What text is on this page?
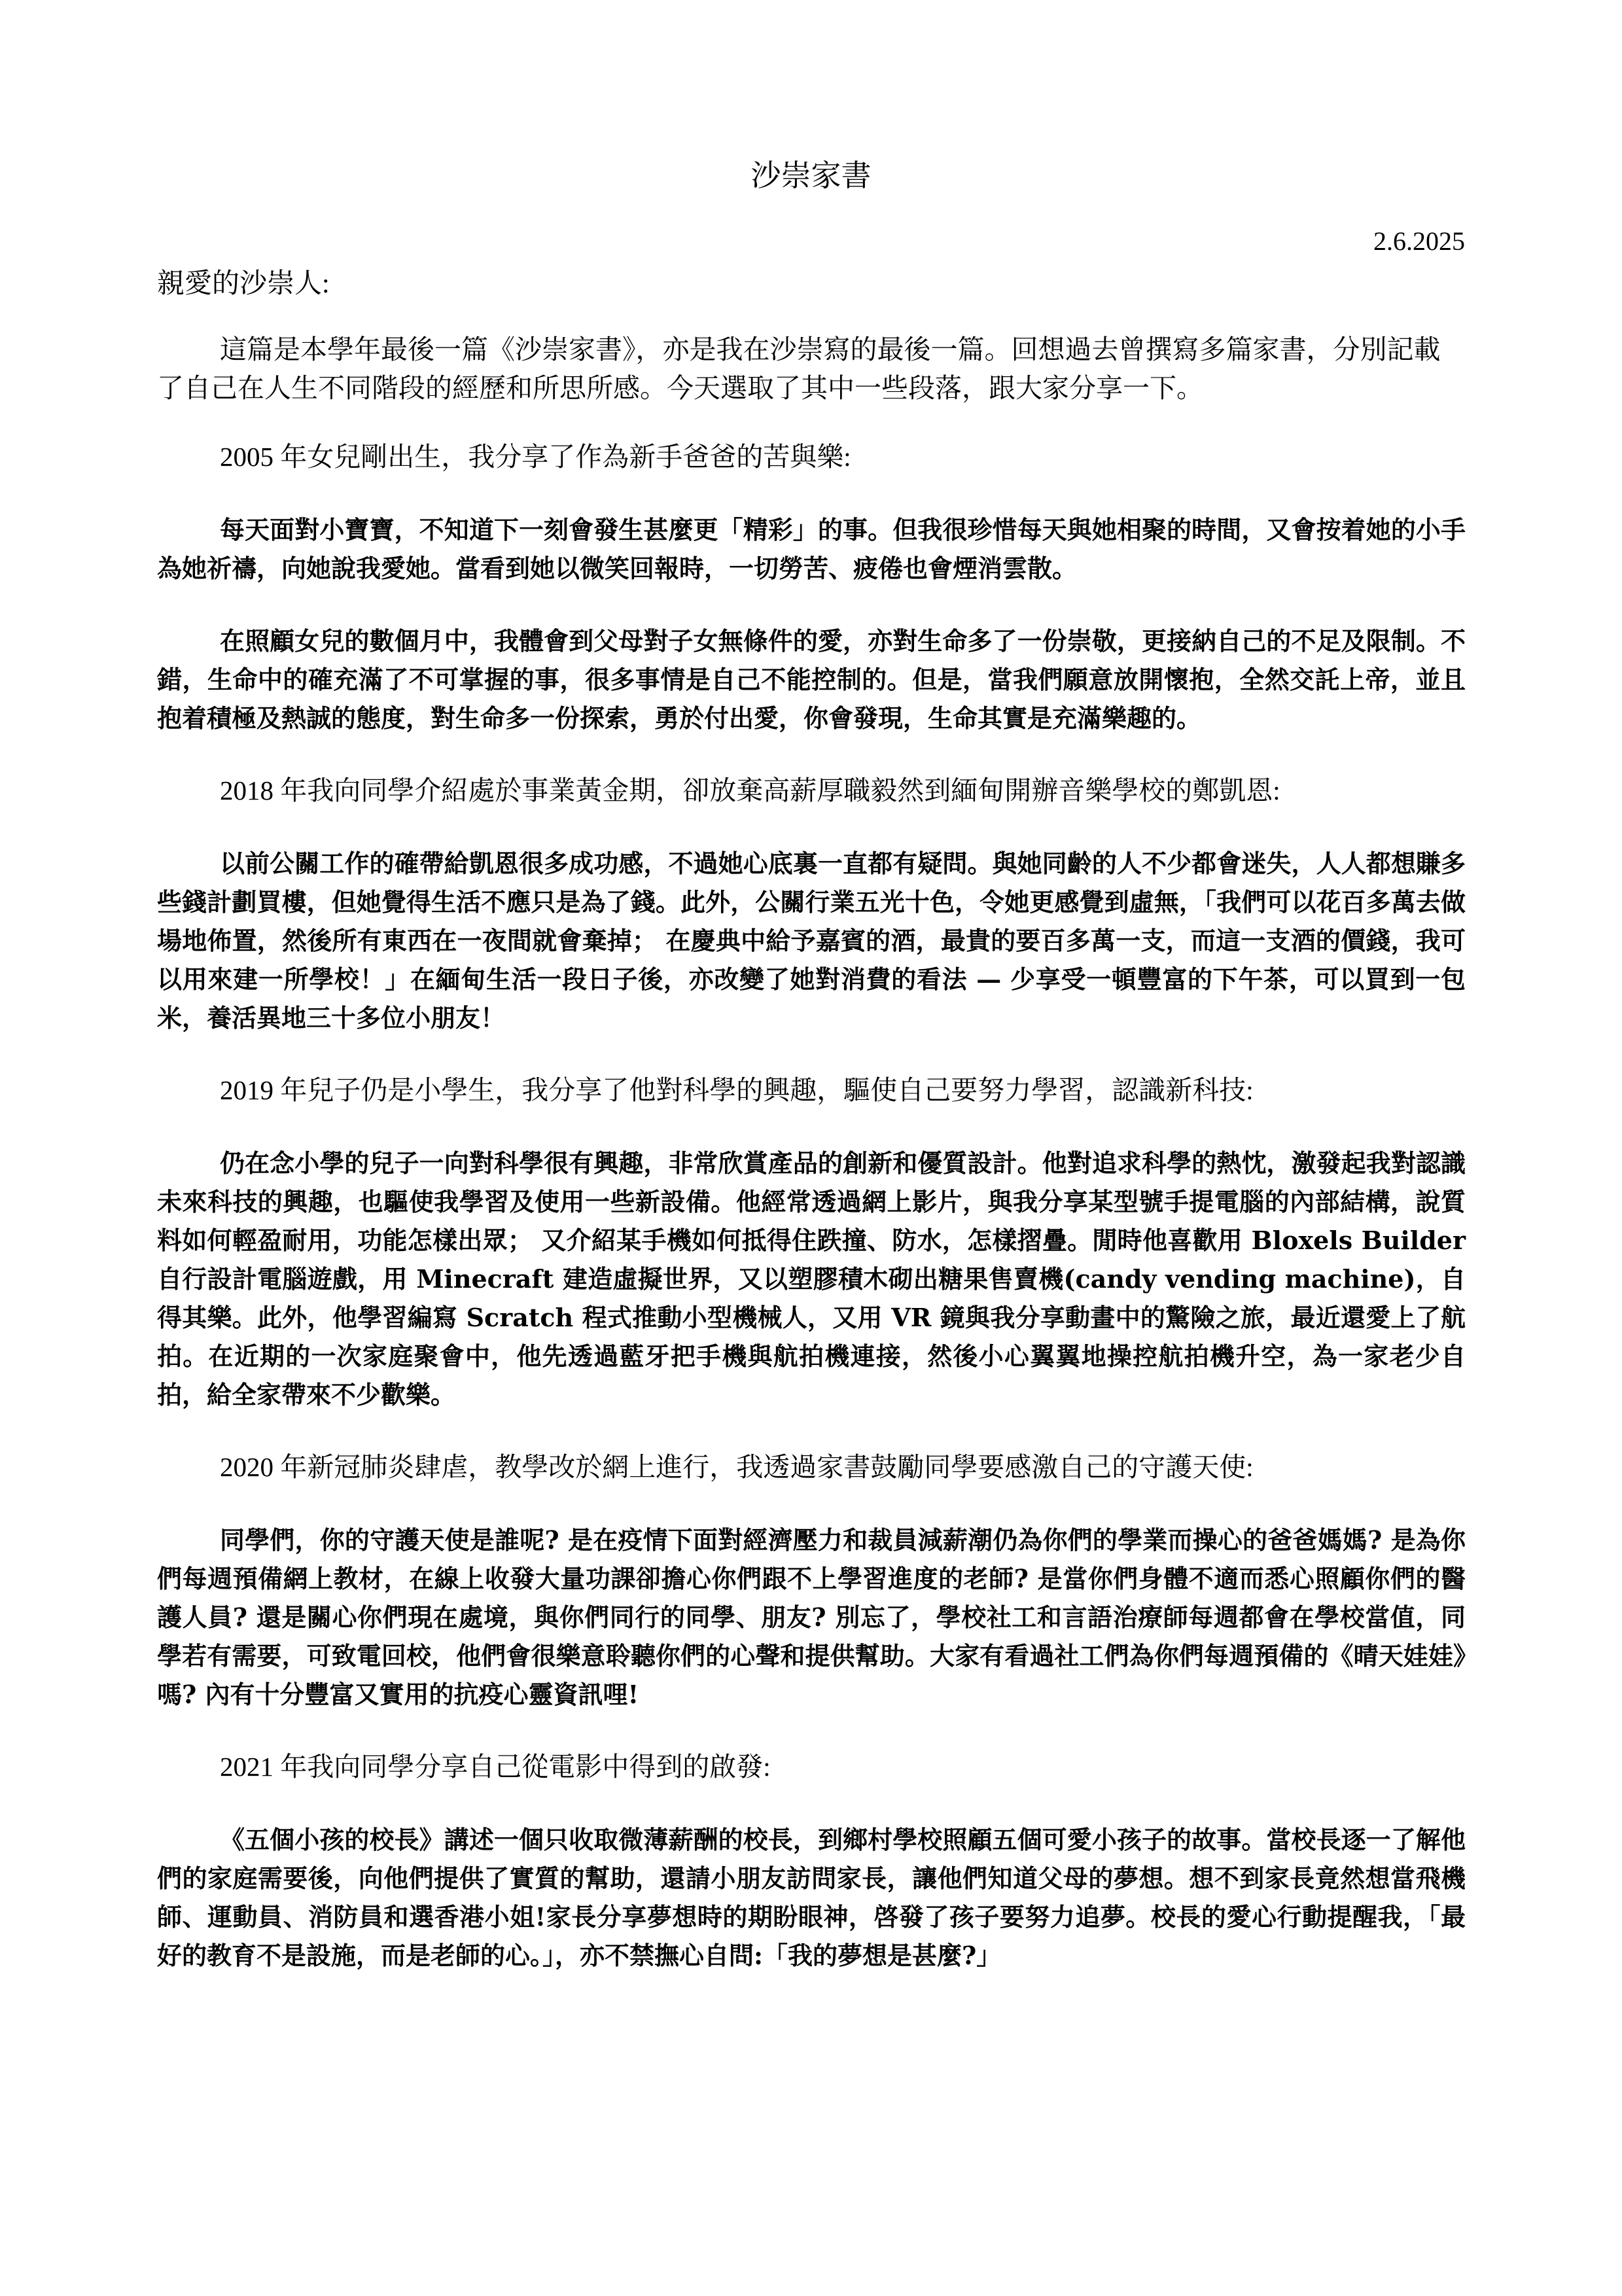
沙崇家書
2.6.2025
親愛的沙崇人:

這篇是本學年最後一篇《沙崇家書》，亦是我在沙崇寫的最後一篇。回想過去曾撰寫多篇家書，分別記載了自己在人生不同階段的經歷和所思所感。今天選取了其中一些段落，跟大家分享一下。

2005 年女兒剛出生，我分享了作為新手爸爸的苦與樂:

每天面對小寶寶，不知道下一刻會發生甚麼更「精彩」的事。但我很珍惜每天與她相聚的時間，又會按着她的小手為她祈禱，向她說我愛她。當看到她以微笑回報時，一切勞苦、疲倦也會煙消雲散。

在照顧女兒的數個月中，我體會到父母對子女無條件的愛，亦對生命多了一份崇敬，更接納自己的不足及限制。不錯，生命中的確充滿了不可掌握的事，很多事情是自己不能控制的。但是，當我們願意放開懷抱，全然交託上帝，並且抱着積極及熱誠的態度，對生命多一份探索，勇於付出愛，你會發現，生命其實是充滿樂趣的。

2018 年我向同學介紹處於事業黃金期，卻放棄高薪厚職毅然到緬甸開辦音樂學校的鄭凱恩:

以前公關工作的確帶給凱恩很多成功感，不過她心底裏一直都有疑問。與她同齡的人不少都會迷失，人人都想賺多些錢計劃買樓，但她覺得生活不應只是為了錢。此外，公關行業五光十色，令她更感覺到虛無，「我們可以花百多萬去做場地佈置，然後所有東西在一夜間就會棄掉； 在慶典中給予嘉賓的酒，最貴的要百多萬一支，而這一支酒的價錢，我可以用來建一所學校！」在緬甸生活一段日子後，亦改變了她對消費的看法 — 少享受一頓豐富的下午茶，可以買到一包米，養活異地三十多位小朋友！

2019 年兒子仍是小學生，我分享了他對科學的興趣，驅使自己要努力學習，認識新科技:

仍在念小學的兒子一向對科學很有興趣，非常欣賞產品的創新和優質設計。他對追求科學的熱忱，激發起我對認識未來科技的興趣，也驅使我學習及使用一些新設備。他經常透過網上影片，與我分享某型號手提電腦的內部結構，說質料如何輕盈耐用，功能怎樣出眾； 又介紹某手機如何抵得住跌撞、防水，怎樣摺疊。閒時他喜歡用 Bloxels Builder 自行設計電腦遊戲，用 Minecraft 建造虛擬世界，又以塑膠積木砌出糖果售賣機(candy vending machine)，自得其樂。此外，他學習編寫 Scratch 程式推動小型機械人，又用 VR 鏡與我分享動畫中的驚險之旅，最近還愛上了航拍。在近期的一次家庭聚會中，他先透過藍牙把手機與航拍機連接，然後小心翼翼地操控航拍機升空，為一家老少自拍，給全家帶來不少歡樂。

2020 年新冠肺炎肆虐，教學改於網上進行，我透過家書鼓勵同學要感激自己的守護天使:

同學們，你的守護天使是誰呢? 是在疫情下面對經濟壓力和裁員減薪潮仍為你們的學業而操心的爸爸媽媽? 是為你們每週預備網上教材，在線上收發大量功課卻擔心你們跟不上學習進度的老師? 是當你們身體不適而悉心照顧你們的醫護人員? 還是關心你們現在處境，與你們同行的同學、朋友? 別忘了，學校社工和言語治療師每週都會在學校當值，同學若有需要，可致電回校，他們會很樂意聆聽你們的心聲和提供幫助。大家有看過社工們為你們每週預備的《晴天娃娃》嗎? 內有十分豐富又實用的抗疫心靈資訊哩!

2021 年我向同學分享自己從電影中得到的啟發:

《五個小孩的校長》講述一個只收取微薄薪酬的校長，到鄉村學校照顧五個可愛小孩子的故事。當校長逐一了解他們的家庭需要後，向他們提供了實質的幫助，還請小朋友訪問家長，讓他們知道父母的夢想。想不到家長竟然想當飛機師、運動員、消防員和選香港小姐!家長分享夢想時的期盼眼神，啓發了孩子要努力追夢。校長的愛心行動提醒我，「最好的教育不是設施，而是老師的心。」，亦不禁撫心自問:「我的夢想是甚麼?」
